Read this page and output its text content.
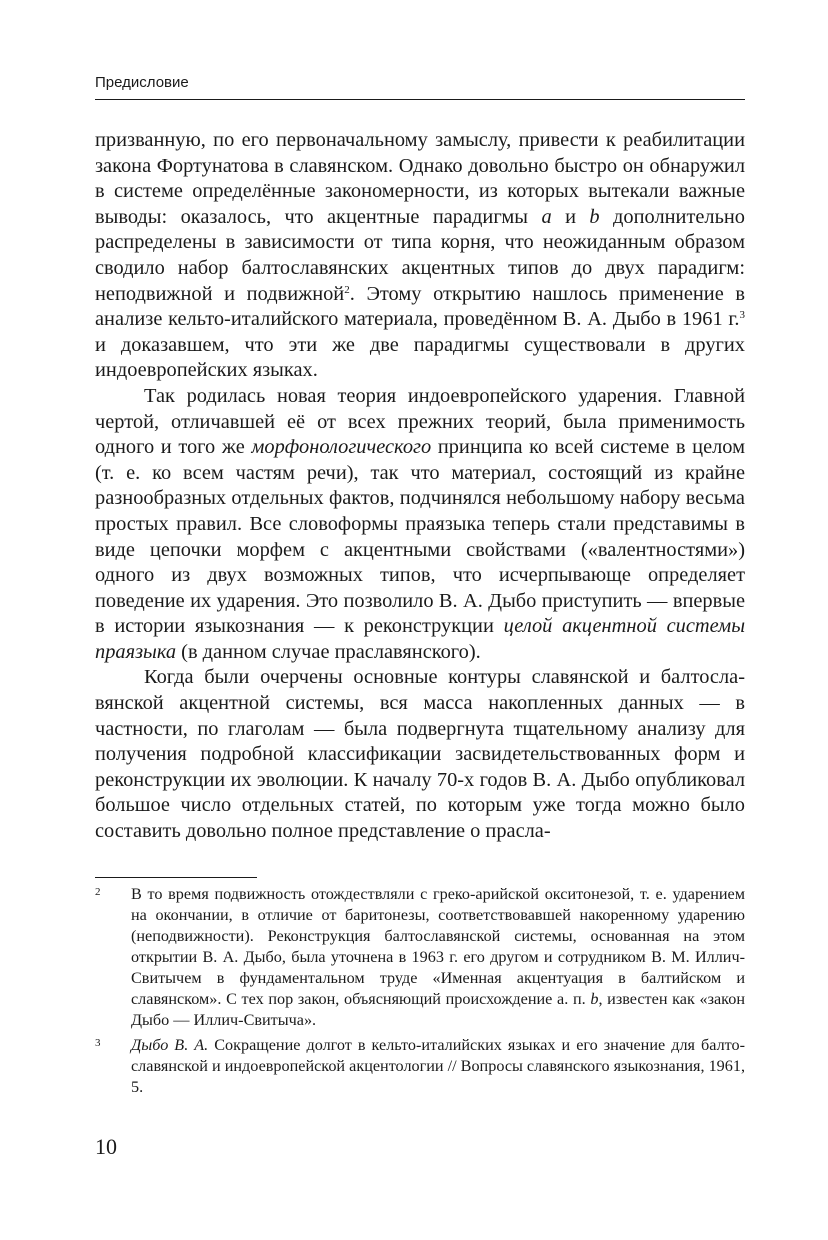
Предисловие

призванную, по его первоначальному замыслу, привести к реабилитации закона Фортунатова в славянском. Однако довольно быстро он обнаружил в системе определённые закономерности, из которых вытекали важные выводы: оказалось, что акцентные парадигмы a и b дополнительно распределены в зависимости от типа корня, что неожиданным образом сводило набор балтославянских акцентных типов до двух парадигм: неподвижной и подвижной$^2$. Этому открытию нашлось применение в анализе кельто-италийского материала, проведённом В. А. Дыбо в 1961 г.$^3$ и доказавшем, что эти же две парадигмы существовали в других индоевропейских языках.

Так родилась новая теория индоевропейского ударения. Главной чертой, отличавшей её от всех прежних теорий, была применимость одного и того же морфонологического принципа ко всей системе в целом (т. е. ко всем частям речи), так что материал, состоящий из крайне разнообразных отдельных фактов, подчинялся небольшому набору весьма простых правил. Все словоформы праязыка теперь стали представимы в виде цепочки морфем с акцентными свойствами («валентностями») одного из двух возможных типов, что исчерпывающе определяет поведение их ударения. Это позволило В. А. Дыбо приступить — впервые в истории языкознания — к реконструкции целой акцентной системы праязыка (в данном случае праславянского).

Когда были очерчены основные контуры славянской и балтославянской акцентной системы, вся масса накопленных данных — в частности, по глаголам — была подвергнута тщательному анализу для получения подробной классификации засвидетельствованных форм и реконструкции их эволюции. К началу 70-х годов В. А. Дыбо опубликовал большое число отдельных статей, по которым уже тогда можно было составить довольно полное представление о прасла-

2 В то время подвижность отождествляли с греко-арийской окситонезой, т. е. ударением на окончании, в отличие от баритонезы, соответствовавшей накоренному ударению (неподвижности). Реконструкция балтославянской системы, основанная на этом открытии В. А. Дыбо, была уточнена в 1963 г. его другом и сотрудником В. М. Иллич-Свитычем в фундаментальном труде «Именная акцентуация в балтийском и славянском». С тех пор закон, объясняющий происхождение а. п. b, известен как «закон Дыбо — Иллич-Свитыча».
3 Дыбо В. А. Сокращение долгот в кельто-италийских языках и его значение для балто-славянской и индоевропейской акцентологии // Вопросы славянского языкознания, 1961, 5.
10
